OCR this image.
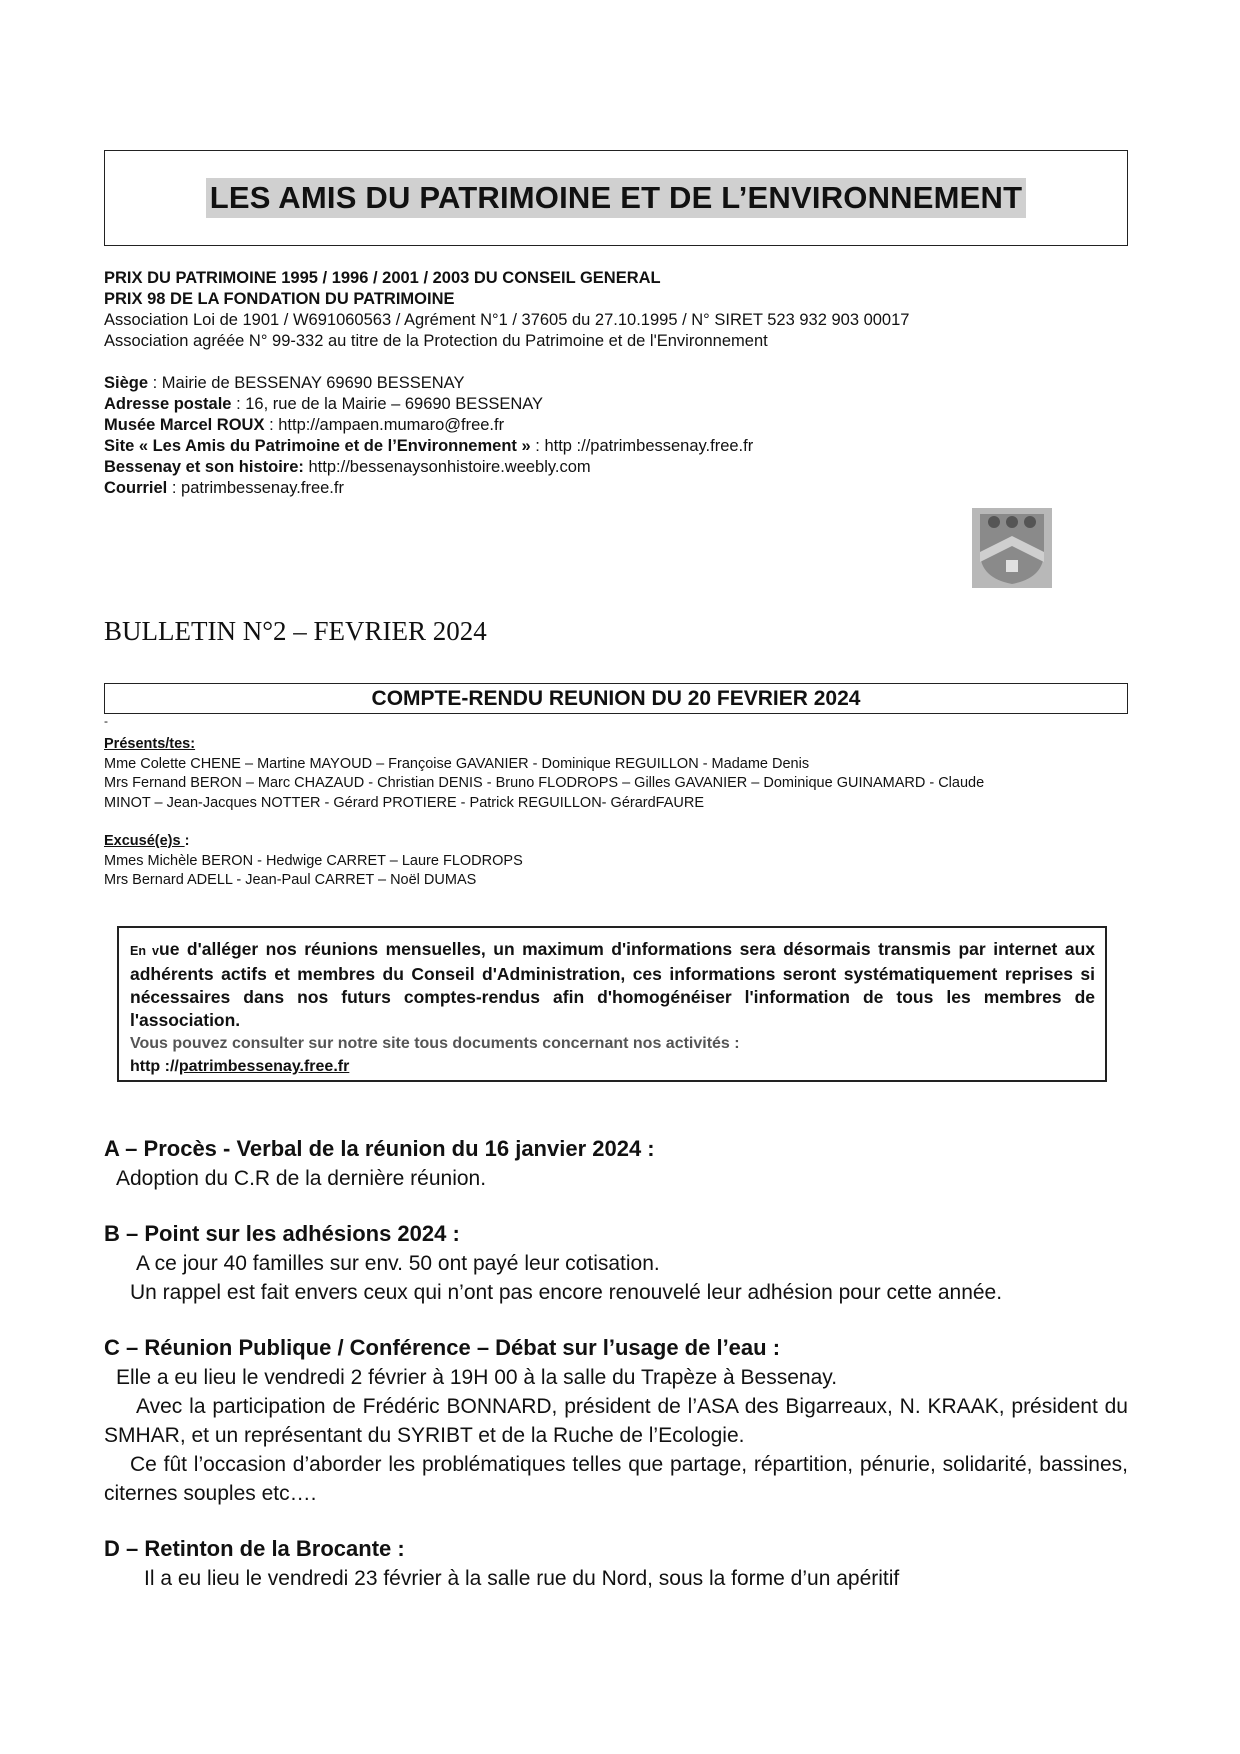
LES AMIS DU PATRIMOINE ET DE L’ENVIRONNEMENT
PRIX DU PATRIMOINE 1995 / 1996 / 2001 / 2003 DU CONSEIL GENERAL
PRIX 98 DE LA FONDATION DU PATRIMOINE
Association Loi de 1901 / W691060563 / Agrément N°1 / 37605 du 27.10.1995 / N° SIRET 523 932 903 00017
Association agréée N° 99-332 au titre de la Protection du Patrimoine et de l'Environnement
Siège : Mairie de BESSENAY 69690 BESSENAY
Adresse postale : 16, rue de la Mairie – 69690 BESSENAY
Musée Marcel ROUX : http://ampaen.mumaro@free.fr
Site « Les Amis du Patrimoine et de l’Environnement » : http ://patrimbessenay.free.fr
Bessenay et son histoire: http://bessenaysonhistoire.weebly.com
Courriel : patrimbessenay.free.fr
BULLETIN N°2 – FEVRIER 2024
COMPTE-RENDU REUNION DU 20 FEVRIER 2024
-
Présents/tes:
Mme Colette CHENE – Martine MAYOUD – Françoise GAVANIER - Dominique REGUILLON - Madame Denis
Mrs Fernand BERON – Marc CHAZAUD - Christian DENIS - Bruno FLODROPS – Gilles GAVANIER – Dominique GUINAMARD - Claude
MINOT – Jean-Jacques NOTTER - Gérard PROTIERE - Patrick REGUILLON- GérardFAURE
Excusé(e)s :
Mmes Michèle BERON - Hedwige CARRET – Laure FLODROPS
Mrs Bernard ADELL - Jean-Paul CARRET – Noël DUMAS
En vue d'alléger nos réunions mensuelles, un maximum d'informations sera désormais transmis par internet aux adhérents actifs et membres du Conseil d'Administration, ces informations seront systématiquement reprises si nécessaires dans nos futurs comptes-rendus afin d'homogénéiser l'information de tous les membres de l'association.
Vous pouvez consulter sur notre site tous documents concernant nos activités :
http ://patrimbessenay.free.fr
A – Procès - Verbal de la réunion du 16 janvier 2024 :

Adoption du C.R de la dernière réunion.

B – Point sur les adhésions 2024 :

A ce jour 40 familles sur env. 50 ont payé leur cotisation.

Un rappel est fait envers ceux qui n’ont pas encore renouvelé leur adhésion pour cette année.

C – Réunion Publique / Conférence – Débat sur l’usage de l’eau :

Elle a eu lieu le vendredi 2 février à 19H 00 à la salle du Trapèze à Bessenay.

Avec la participation de Frédéric BONNARD, président de l’ASA des Bigarreaux, N. KRAAK, président du SMHAR, et un représentant du SYRIBT et de la Ruche de l’Ecologie.

Ce fût l’occasion d’aborder les problématiques telles que partage, répartition, pénurie, solidarité, bassines, citernes souples etc….

D – Retinton de la Brocante :

Il a eu lieu le vendredi 23 février à la salle rue du Nord, sous la forme d’un apéritif
